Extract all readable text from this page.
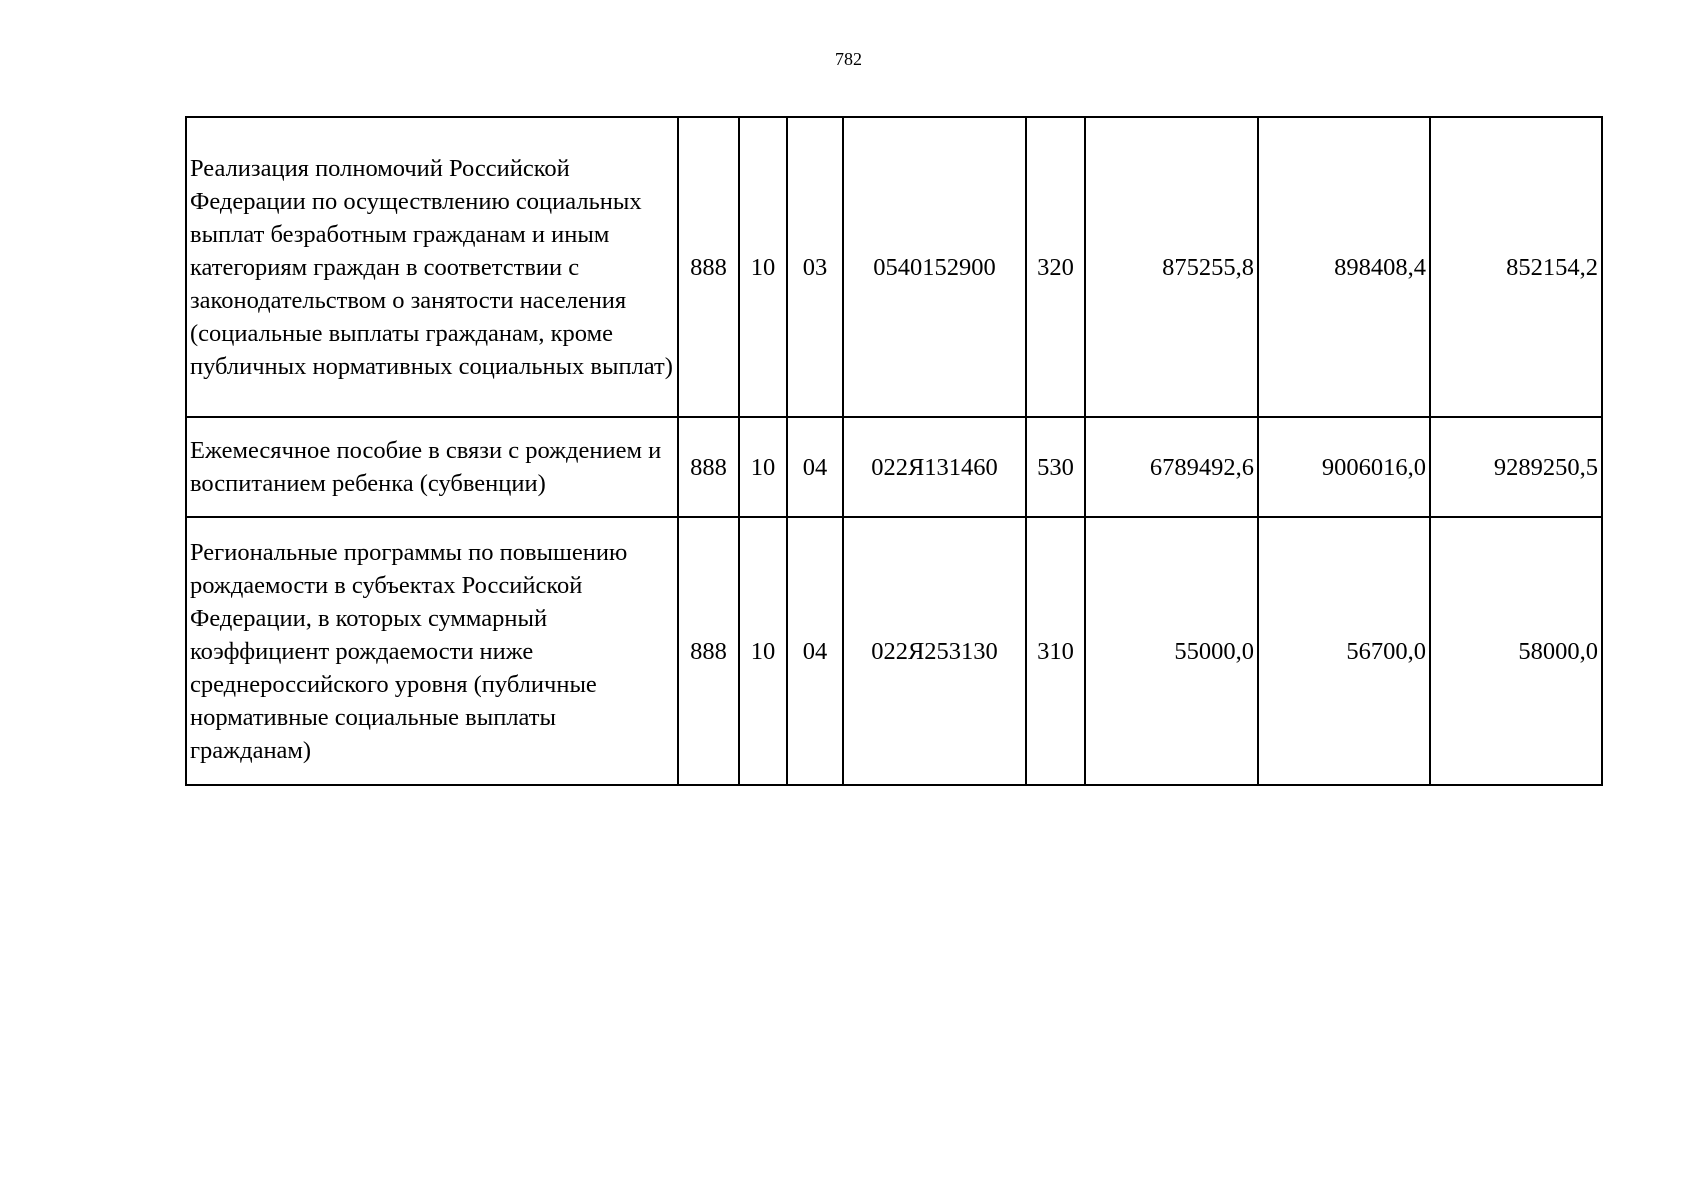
782
Реализация полномочий Российской Федерации по осуществлению социальных выплат безработным гражданам и иным категориям граждан в соответствии с законодательством о занятости населения (социальные выплаты гражданам, кроме публичных нормативных социальных выплат)	888	10	03	0540152900	320	875255,8	898408,4	852154,2
Ежемесячное пособие в связи с рождением и воспитанием ребенка (субвенции)	888	10	04	022Я131460	530	6789492,6	9006016,0	9289250,5
Региональные программы по повышению рождаемости в субъектах Российской Федерации, в которых суммарный коэффициент рождаемости ниже среднероссийского уровня (публичные нормативные социальные выплаты гражданам)	888	10	04	022Я253130	310	55000,0	56700,0	58000,0
